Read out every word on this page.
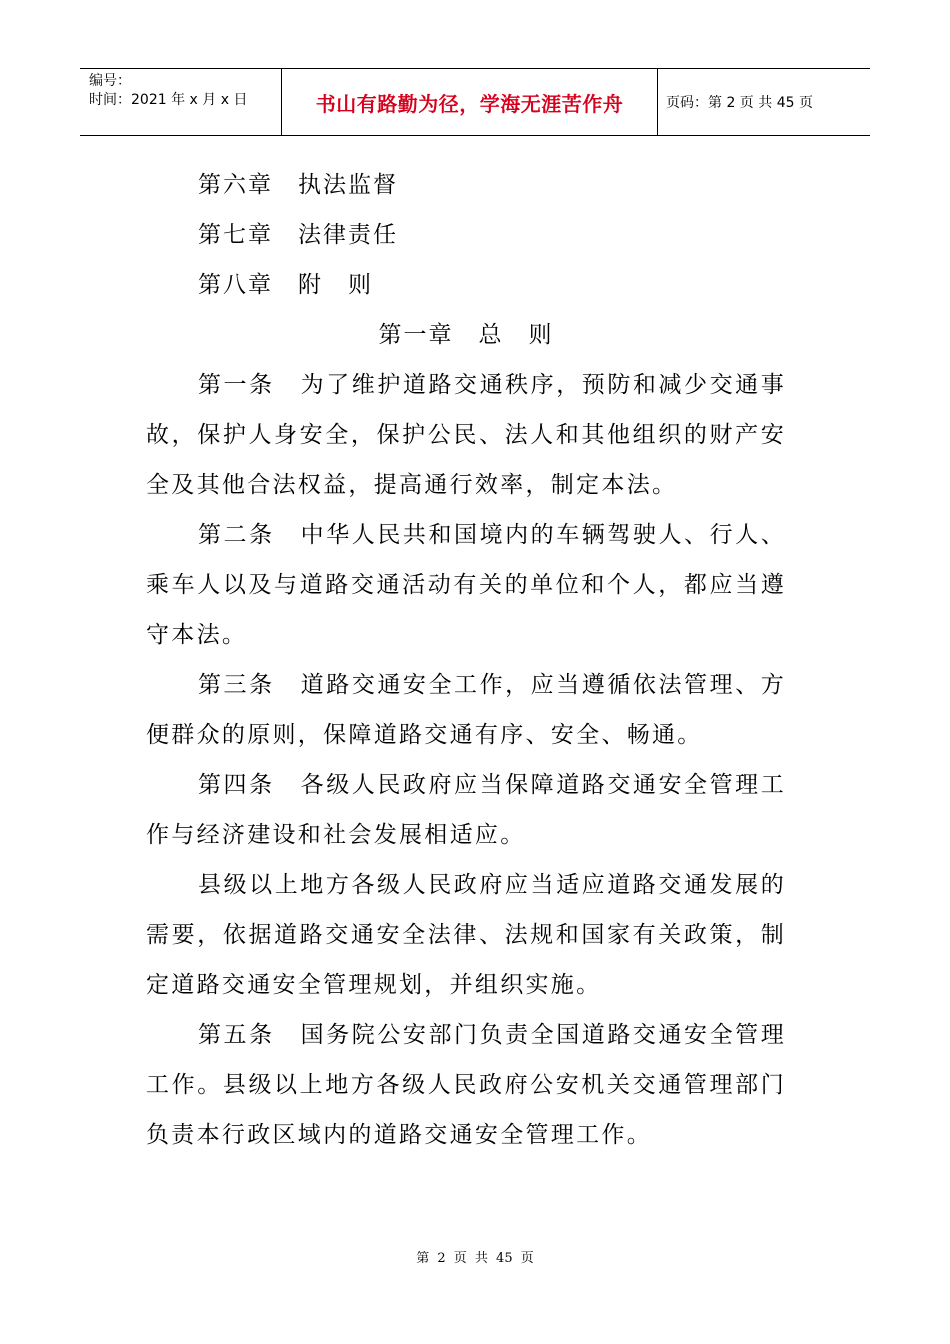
编号：
时间：2021 年 x 月 x 日	书山有路勤为径，学海无涯苦作舟	页码：第 2 页 共 45 页
第六章 执法监督
第七章 法律责任
第八章 附　则
第一章　总　则

第一条 为了维护道路交通秩序，预防和减少交通事故，保护人身安全，保护公民、法人和其他组织的财产安全及其他合法权益，提高通行效率，制定本法。

第二条 中华人民共和国境内的车辆驾驶人、行人、乘车人以及与道路交通活动有关的单位和个人，都应当遵守本法。

第三条 道路交通安全工作，应当遵循依法管理、方便群众的原则，保障道路交通有序、安全、畅通。

第四条 各级人民政府应当保障道路交通安全管理工作与经济建设和社会发展相适应。

县级以上地方各级人民政府应当适应道路交通发展的需要，依据道路交通安全法律、法规和国家有关政策，制定道路交通安全管理规划，并组织实施。

第五条 国务院公安部门负责全国道路交通安全管理工作。县级以上地方各级人民政府公安机关交通管理部门负责本行政区域内的道路交通安全管理工作。

第 2 页 共 45 页
